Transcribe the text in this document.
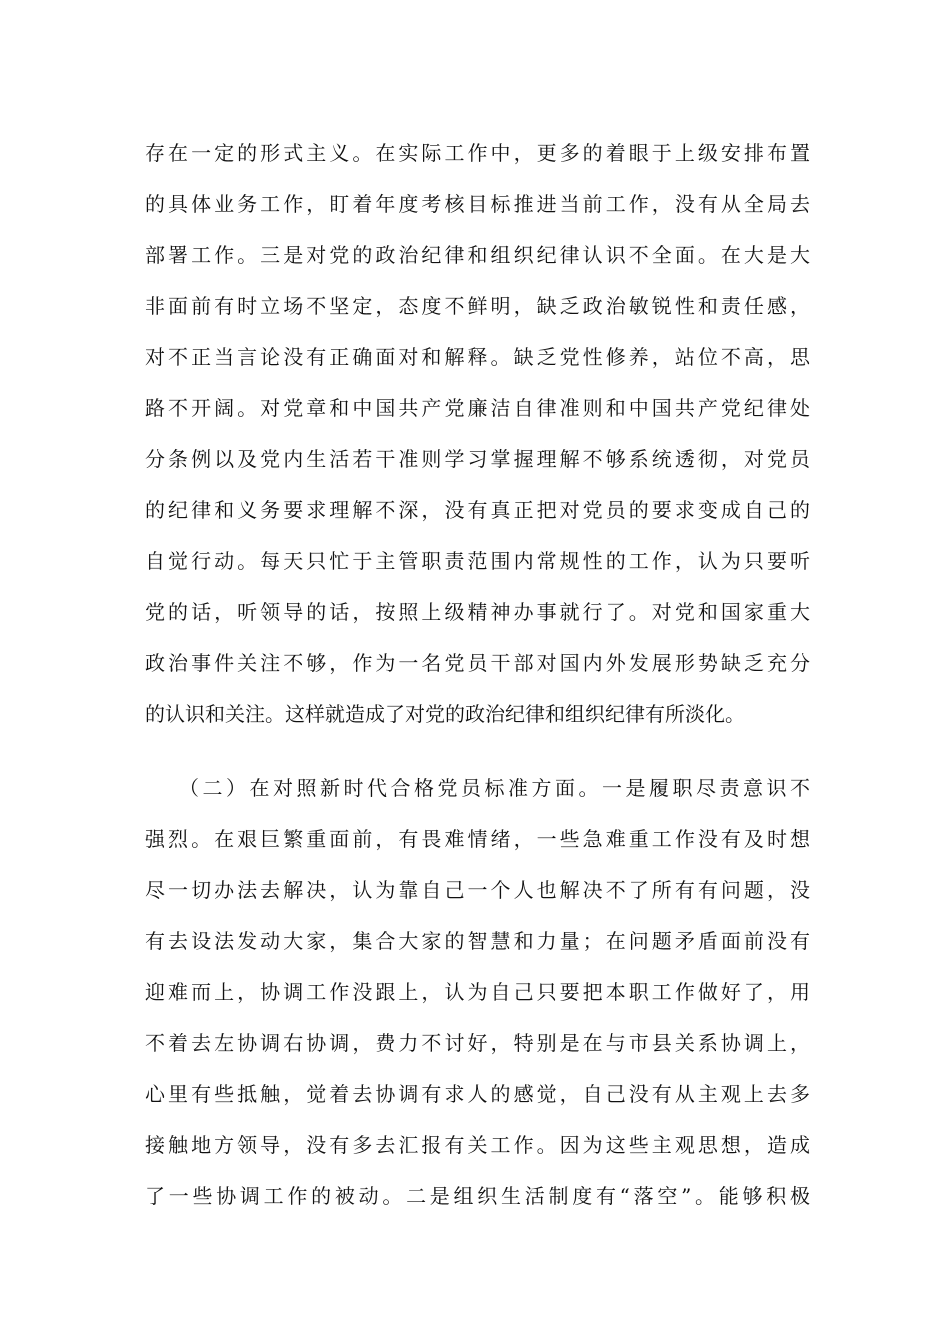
存在一定的形式主义。在实际工作中，更多的着眼于上级安排布置
的具体业务工作，盯着年度考核目标推进当前工作，没有从全局去
部署工作。三是对党的政治纪律和组织纪律认识不全面。在大是大
非面前有时立场不坚定，态度不鲜明，缺乏政治敏锐性和责任感，
对不正当言论没有正确面对和解释。缺乏党性修养，站位不高，思
路不开阔。对党章和中国共产党廉洁自律准则和中国共产党纪律处
分条例以及党内生活若干准则学习掌握理解不够系统透彻，对党员
的纪律和义务要求理解不深，没有真正把对党员的要求变成自己的
自觉行动。每天只忙于主管职责范围内常规性的工作，认为只要听
党的话，听领导的话，按照上级精神办事就行了。对党和国家重大
政治事件关注不够，作为一名党员干部对国内外发展形势缺乏充分
的认识和关注。这样就造成了对党的政治纪律和组织纪律有所淡化。
（二）在对照新时代合格党员标准方面。一是履职尽责意识不
强烈。在艰巨繁重面前，有畏难情绪，一些急难重工作没有及时想
尽一切办法去解决，认为靠自己一个人也解决不了所有有问题，没
有去设法发动大家，集合大家的智慧和力量；在问题矛盾面前没有
迎难而上，协调工作没跟上，认为自己只要把本职工作做好了，用
不着去左协调右协调，费力不讨好，特别是在与市县关系协调上，
心里有些抵触，觉着去协调有求人的感觉，自己没有从主观上去多
接触地方领导，没有多去汇报有关工作。因为这些主观思想，造成
了一些协调工作的被动。二是组织生活制度有“落空”。能够积极
